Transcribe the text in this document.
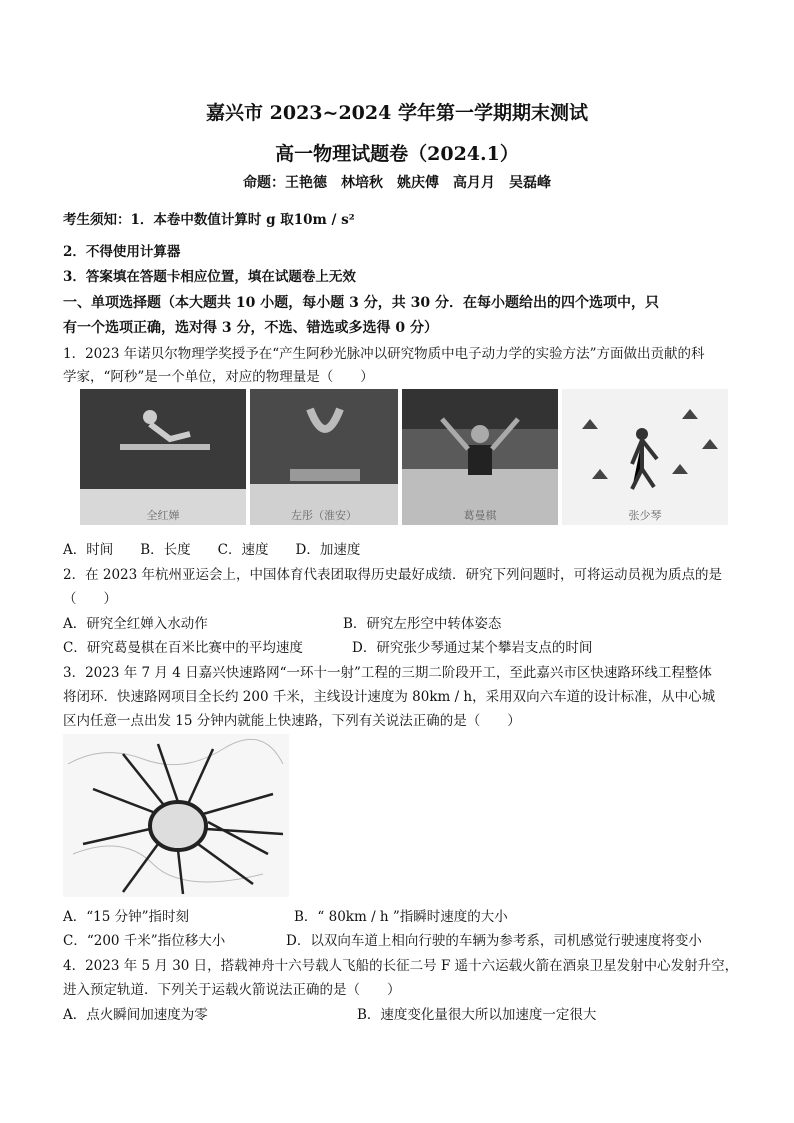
嘉兴市 2023~2024 学年第一学期期末测试
高一物理试题卷（2024.1）
命题：王艳德　林培秋　姚庆傅　高月月　吴磊峰
考生须知：1．本卷中数值计算时 g 取10m / s²
2．不得使用计算器
3．答案填在答题卡相应位置，填在试题卷上无效
一、单项选择题（本大题共 10 小题，每小题 3 分，共 30 分．在每小题给出的四个选项中，只
有一个选项正确，选对得 3 分，不选、错选或多选得 0 分）
1．2023 年诺贝尔物理学奖授予在“产生阿秒光脉冲以研究物质中电子动力学的实验方法”方面做出贡献的科
学家，“阿秒”是一个单位，对应的物理量是（　　）
全红婵	左彤（淮安）	葛曼棋	张少琴
A．时间　　B．长度　　C．速度　　D．加速度
2．在 2023 年杭州亚运会上，中国体育代表团取得历史最好成绩．研究下列问题时，可将运动员视为质点的是
（　　）
A．研究全红婵入水动作	B．研究左彤空中转体姿态
C．研究葛曼棋在百米比赛中的平均速度	D．研究张少琴通过某个攀岩支点的时间
3．2023 年 7 月 4 日嘉兴快速路网“一环十一射”工程的三期二阶段开工，至此嘉兴市区快速路环线工程整体
将闭环．快速路网项目全长约 200 千米，主线设计速度为 80km / h，采用双向六车道的设计标准，从中心城
区内任意一点出发 15 分钟内就能上快速路，下列有关说法正确的是（　　）
A．“15 分钟”指时刻	B．“ 80km / h ”指瞬时速度的大小
C．“200 千米”指位移大小	D．以双向车道上相向行驶的车辆为参考系，司机感觉行驶速度将变小
4．2023 年 5 月 30 日，搭载神舟十六号载人飞船的长征二号 F 遥十六运载火箭在酒泉卫星发射中心发射升空，
进入预定轨道．下列关于运载火箭说法正确的是（　　）
A．点火瞬间加速度为零	B．速度变化量很大所以加速度一定很大
